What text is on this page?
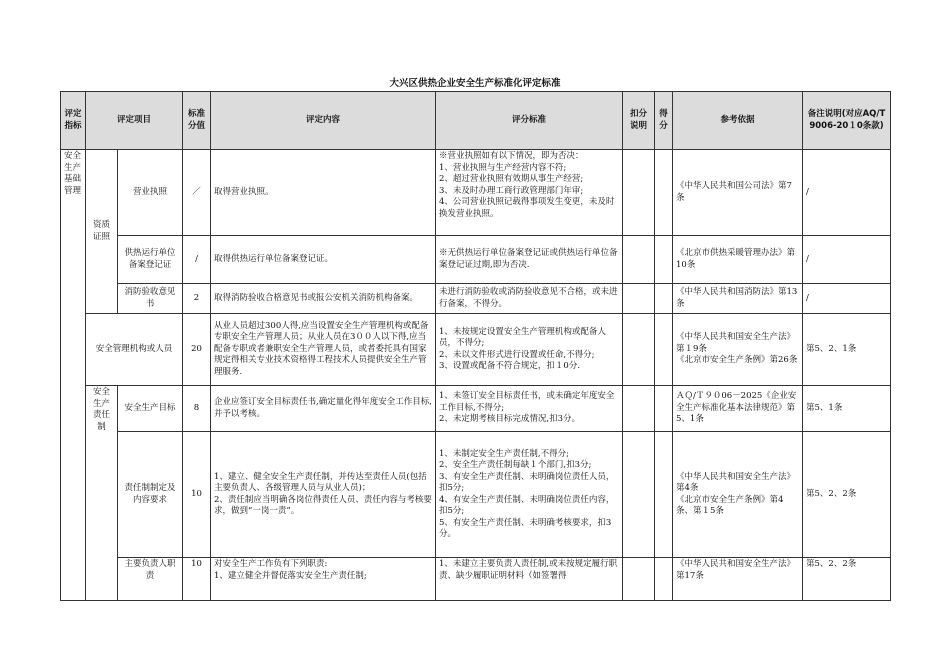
大兴区供热企业安全生产标准化评定标准
评定指标	评定项目		标准分值	评定内容	评分标准	扣分说明	得分	参考依据	备注说明(对应AQ/T 9006-20１0条款)
安全生产基础管理	资质证照	营业执照	／	取得营业执照。	※营业执照如有以下情况，即为否决：
1、营业执照与生产经营内容不符;
2、超过营业执照有效期从事生产经营;
3、未及时办理工商行政管理部门年审;
4、公司营业执照记载得事项发生变更，未及时换发营业执照。			《中华人民共和国公司法》第7条	/
		供热运行单位备案登记证	/	取得供热运行单位备案登记证。	※无供热运行单位备案登记证或供热运行单位备案登记证过期,即为否决.			《北京市供热采暖管理办法》第10条	/
		消防验收意见书	2	取得消防验收合格意见书或报公安机关消防机构备案。	未进行消防验收或消防验收意见不合格，或未进行备案，不得分。			《中华人民共和国消防法》第13条	/
	安全管理机构或人员		20	从业人员超过300人得,应当设置安全生产管理机构或配备专职安全生产管理人员；从业人员在3００人以下得,应当配备专职或者兼职安全生产管理人员，或者委托具有国家规定得相关专业技术资格得工程技术人员提供安全生产管理服务.	1、未按规定设置安全生产管理机构或配备人员，不得分;
2、未以文件形式进行设置或任命,不得分;
3、设置或配备不符合规定，扣１0分.			《中华人民共和国安全生产法》第１9条
《北京市安全生产条例》第26条	第5、2、1条
	安全生产责任制	安全生产目标	8	企业应签订安全目标责任书,确定量化得年度安全工作目标,并予以考核。	1、未签订安全目标责任书，或未确定年度安全工作目标,不得分;
2、未定期考核目标完成情况,扣3分。			ＡＱ/Ｔ９０06－2025《企业安全生产标准化基本法律规范》第5、1条	第5、1条
		责任制制定及内容要求	10	1、建立、健全安全生产责任制，并传达至责任人员(包括主要负责人、各级管理人员与从业人员)；
2、责任制应当明确各岗位得责任人员、责任内容与考核要求，做到“一岗一责”。	1、未制定安全生产责任制,不得分;
2、安全生产责任制每缺１个部门,扣3分;
3、有安全生产责任制、未明确岗位责任人员，扣5分;
4、有安全生产责任制、未明确岗位责任内容，扣5分;
5、有安全生产责任制、未明确考核要求，扣3分。			《中华人民共和国安全生产法》第4条
《北京市安全生产条例》第4条、第１5条	第5、2、2条

		主要负责人职责	10	对安全生产工作负有下列职责:
1、建立健全并督促落实安全生产责任制;	1、未建立主要负责人责任制,或未按规定履行职责、缺少履职证明材料（如签署得			《中华人民共和国安全生产法》第17条	第5、2、2条
